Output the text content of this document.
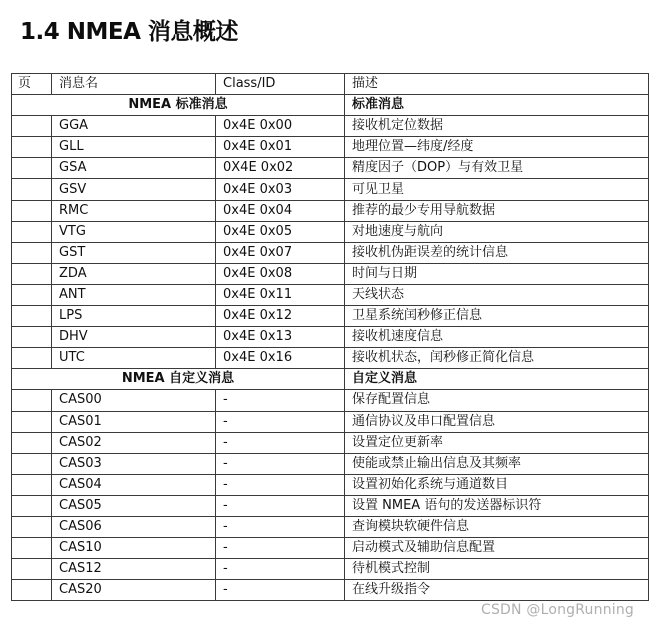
1.4 NMEA 消息概述
页	消息名	Class/ID	描述
NMEA 标准消息			标准消息
	GGA	0x4E 0x00	接收机定位数据
	GLL	0x4E 0x01	地理位置—纬度/经度
	GSA	0X4E 0x02	精度因子（DOP）与有效卫星
	GSV	0x4E 0x03	可见卫星
	RMC	0x4E 0x04	推荐的最少专用导航数据
	VTG	0x4E 0x05	对地速度与航向
	GST	0x4E 0x07	接收机伪距误差的统计信息
	ZDA	0x4E 0x08	时间与日期
	ANT	0x4E 0x11	天线状态
	LPS	0x4E 0x12	卫星系统闰秒修正信息
	DHV	0x4E 0x13	接收机速度信息
	UTC	0x4E 0x16	接收机状态，闰秒修正简化信息
NMEA 自定义消息			自定义消息
	CAS00	-	保存配置信息
	CAS01	-	通信协议及串口配置信息
	CAS02	-	设置定位更新率
	CAS03	-	使能或禁止输出信息及其频率
	CAS04	-	设置初始化系统与通道数目
	CAS05	-	设置 NMEA 语句的发送器标识符
	CAS06	-	查询模块软硬件信息
	CAS10	-	启动模式及辅助信息配置
	CAS12	-	待机模式控制
	CAS20	-	在线升级指令
CSDN @LongRunning
